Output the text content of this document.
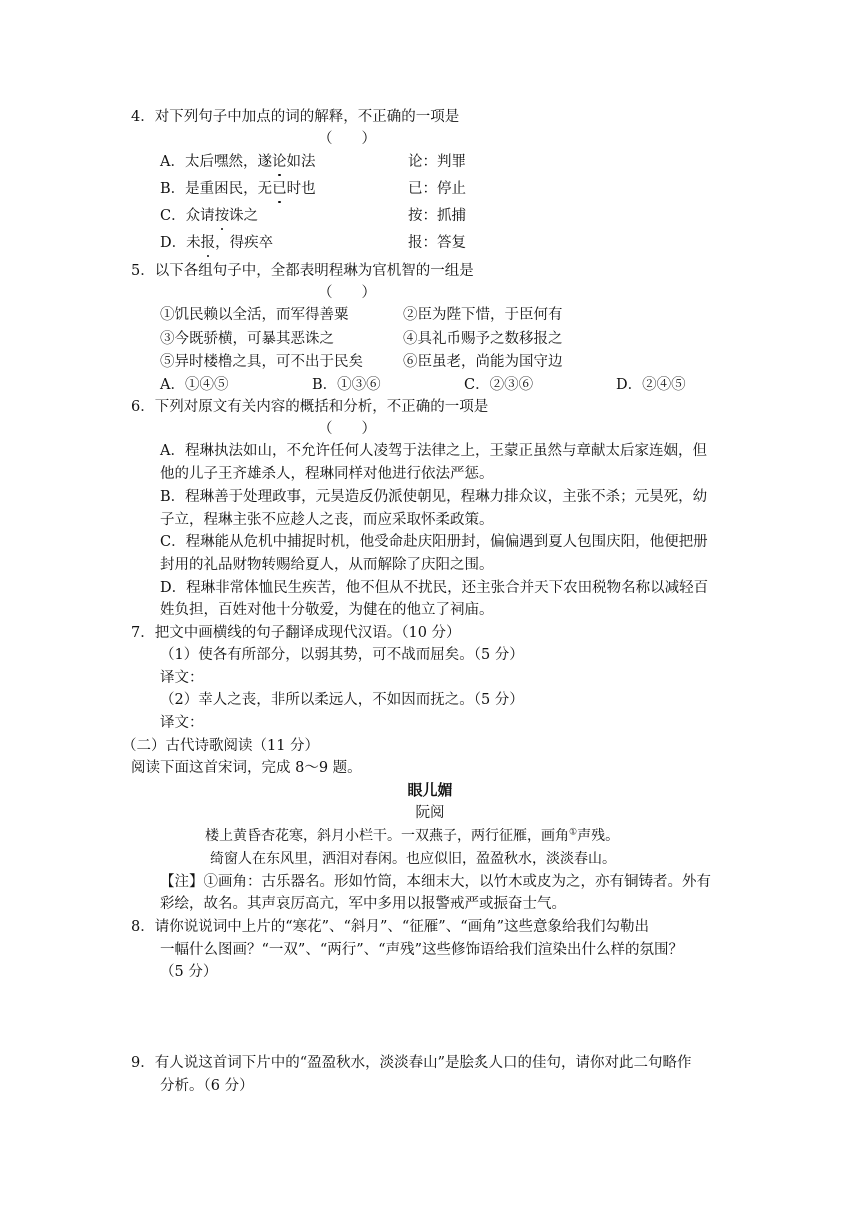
4．对下列句子中加点的词的解释，不正确的一项是
（　　）
A．太后嘿然，遂论如法	论：判罪
B．是重困民，无已时也	已：停止
C．众请按诛之	按：抓捕
D．未报，得疾卒	报：答复
5．以下各组句子中，全都表明程琳为官机智的一组是
（　　）
①饥民赖以全活，而军得善粟	②臣为陛下惜，于臣何有
③今既骄横，可暴其恶诛之	④具礼币赐予之数移报之
⑤异时楼橹之具，可不出于民矣	⑥臣虽老，尚能为国守边
A．①④⑤	B．①③⑥	C．②③⑥	D．②④⑤
6．下列对原文有关内容的概括和分析，不正确的一项是
（　　）
A．程琳执法如山，不允许任何人凌驾于法律之上，王蒙正虽然与章献太后家连姻，但
他的儿子王齐雄杀人，程琳同样对他进行依法严惩。
B．程琳善于处理政事，元昊造反仍派使朝见，程琳力排众议，主张不杀；元昊死，幼
子立，程琳主张不应趁人之丧，而应采取怀柔政策。
C．程琳能从危机中捕捉时机，他受命赴庆阳册封，偏偏遇到夏人包围庆阳，他便把册
封用的礼品财物转赐给夏人，从而解除了庆阳之围。
D．程琳非常体恤民生疾苦，他不但从不扰民，还主张合并天下农田税物名称以减轻百
姓负担，百姓对他十分敬爱，为健在的他立了祠庙。
7．把文中画横线的句子翻译成现代汉语。（10 分）
（1）使各有所部分，以弱其势，可不战而屈矣。（5 分）
译文：
（2）幸人之丧，非所以柔远人，不如因而抚之。（5 分）
译文：
（二）古代诗歌阅读（11 分）
阅读下面这首宋词，完成 8～9 题。
眼儿媚
阮阅
楼上黄昏杏花寒，斜月小栏干。一双燕子，两行征雁，画角①声残。
绮窗人在东风里，洒泪对春闲。也应似旧，盈盈秋水，淡淡春山。
【注】①画角：古乐器名。形如竹筒，本细末大，以竹木或皮为之，亦有铜铸者。外有
彩绘，故名。其声哀厉高亢，军中多用以报警戒严或振奋士气。
8．请你说说词中上片的“寒花”、“斜月”、“征雁”、“画角”这些意象给我们勾勒出
一幅什么图画？“一双”、“两行”、“声残”这些修饰语给我们渲染出什么样的氛围？
（5 分）
9．有人说这首词下片中的“盈盈秋水，淡淡春山”是脍炙人口的佳句，请你对此二句略作
分析。（6 分）
